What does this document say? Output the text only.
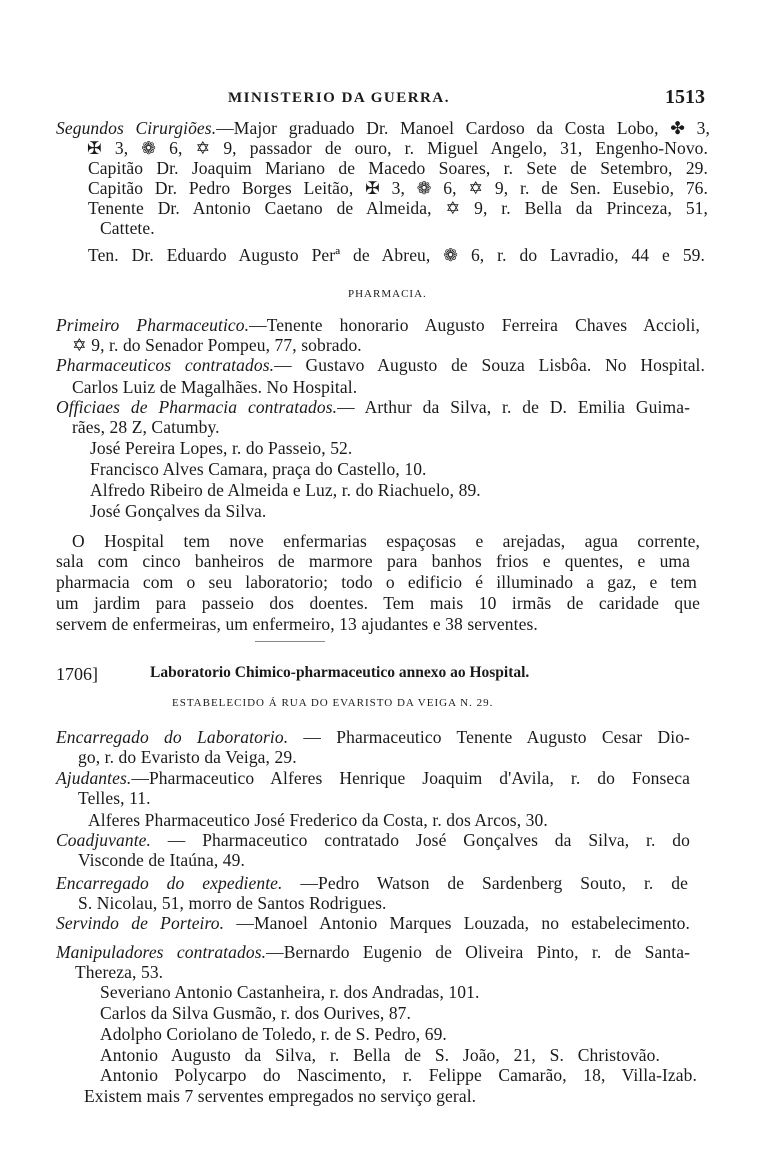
MINISTERIO DA GUERRA.	1513
PHARMACIA.
1706]	Laboratorio Chimico-pharmaceutico annexo ao Hospital.
ESTABELECIDO Á RUA DO EVARISTO DA VEIGA N. 29.
Segundos Cirurgiões.—Major graduado Dr. Manoel Cardoso da Costa Lobo, ✤ 3,
✠ 3, ❁ 6, ✡ 9, passador de ouro, r. Miguel Angelo, 31, Engenho-Novo.
Capitão Dr. Joaquim Mariano de Macedo Soares, r. Sete de Setembro, 29.
Capitão Dr. Pedro Borges Leitão, ✠ 3, ❁ 6, ✡ 9, r. de Sen. Eusebio, 76.
Tenente Dr. Antonio Caetano de Almeida, ✡ 9, r. Bella da Princeza, 51,
Cattete.
Ten. Dr. Eduardo Augusto Perª de Abreu, ❁ 6, r. do Lavradio, 44 e 59.
Primeiro Pharmaceutico.—Tenente honorario Augusto Ferreira Chaves Accioli,
✡ 9, r. do Senador Pompeu, 77, sobrado.
Pharmaceuticos contratados.— Gustavo Augusto de Souza Lisbôa. No Hospital.
Carlos Luiz de Magalhães. No Hospital.
Officiaes de Pharmacia contratados.— Arthur da Silva, r. de D. Emilia Guima-
rães, 28 Z, Catumby.
José Pereira Lopes, r. do Passeio, 52.
Francisco Alves Camara, praça do Castello, 10.
Alfredo Ribeiro de Almeida e Luz, r. do Riachuelo, 89.
José Gonçalves da Silva.
O Hospital tem nove enfermarias espaçosas e arejadas, agua corrente,
sala com cinco banheiros de marmore para banhos frios e quentes, e uma
pharmacia com o seu laboratorio; todo o edificio é illuminado a gaz, e tem
um jardim para passeio dos doentes. Tem mais 10 irmãs de caridade que
servem de enfermeiras, um enfermeiro, 13 ajudantes e 38 serventes.
Encarregado do Laboratorio. — Pharmaceutico Tenente Augusto Cesar Dio-
go, r. do Evaristo da Veiga, 29.
Ajudantes.—Pharmaceutico Alferes Henrique Joaquim d'Avila, r. do Fonseca
Telles, 11.
Alferes Pharmaceutico José Frederico da Costa, r. dos Arcos, 30.
Coadjuvante. — Pharmaceutico contratado José Gonçalves da Silva, r. do
Visconde de Itaúna, 49.
Encarregado do expediente. —Pedro Watson de Sardenberg Souto, r. de
S. Nicolau, 51, morro de Santos Rodrigues.
Servindo de Porteiro. —Manoel Antonio Marques Louzada, no estabelecimento.
Manipuladores contratados.—Bernardo Eugenio de Oliveira Pinto, r. de Santa-
Thereza, 53.
Severiano Antonio Castanheira, r. dos Andradas, 101.
Carlos da Silva Gusmão, r. dos Ourives, 87.
Adolpho Coriolano de Toledo, r. de S. Pedro, 69.
Antonio Augusto da Silva, r. Bella de S. João, 21, S. Christovão.
Antonio Polycarpo do Nascimento, r. Felippe Camarão, 18, Villa-Izab.
Existem mais 7 serventes empregados no serviço geral.
